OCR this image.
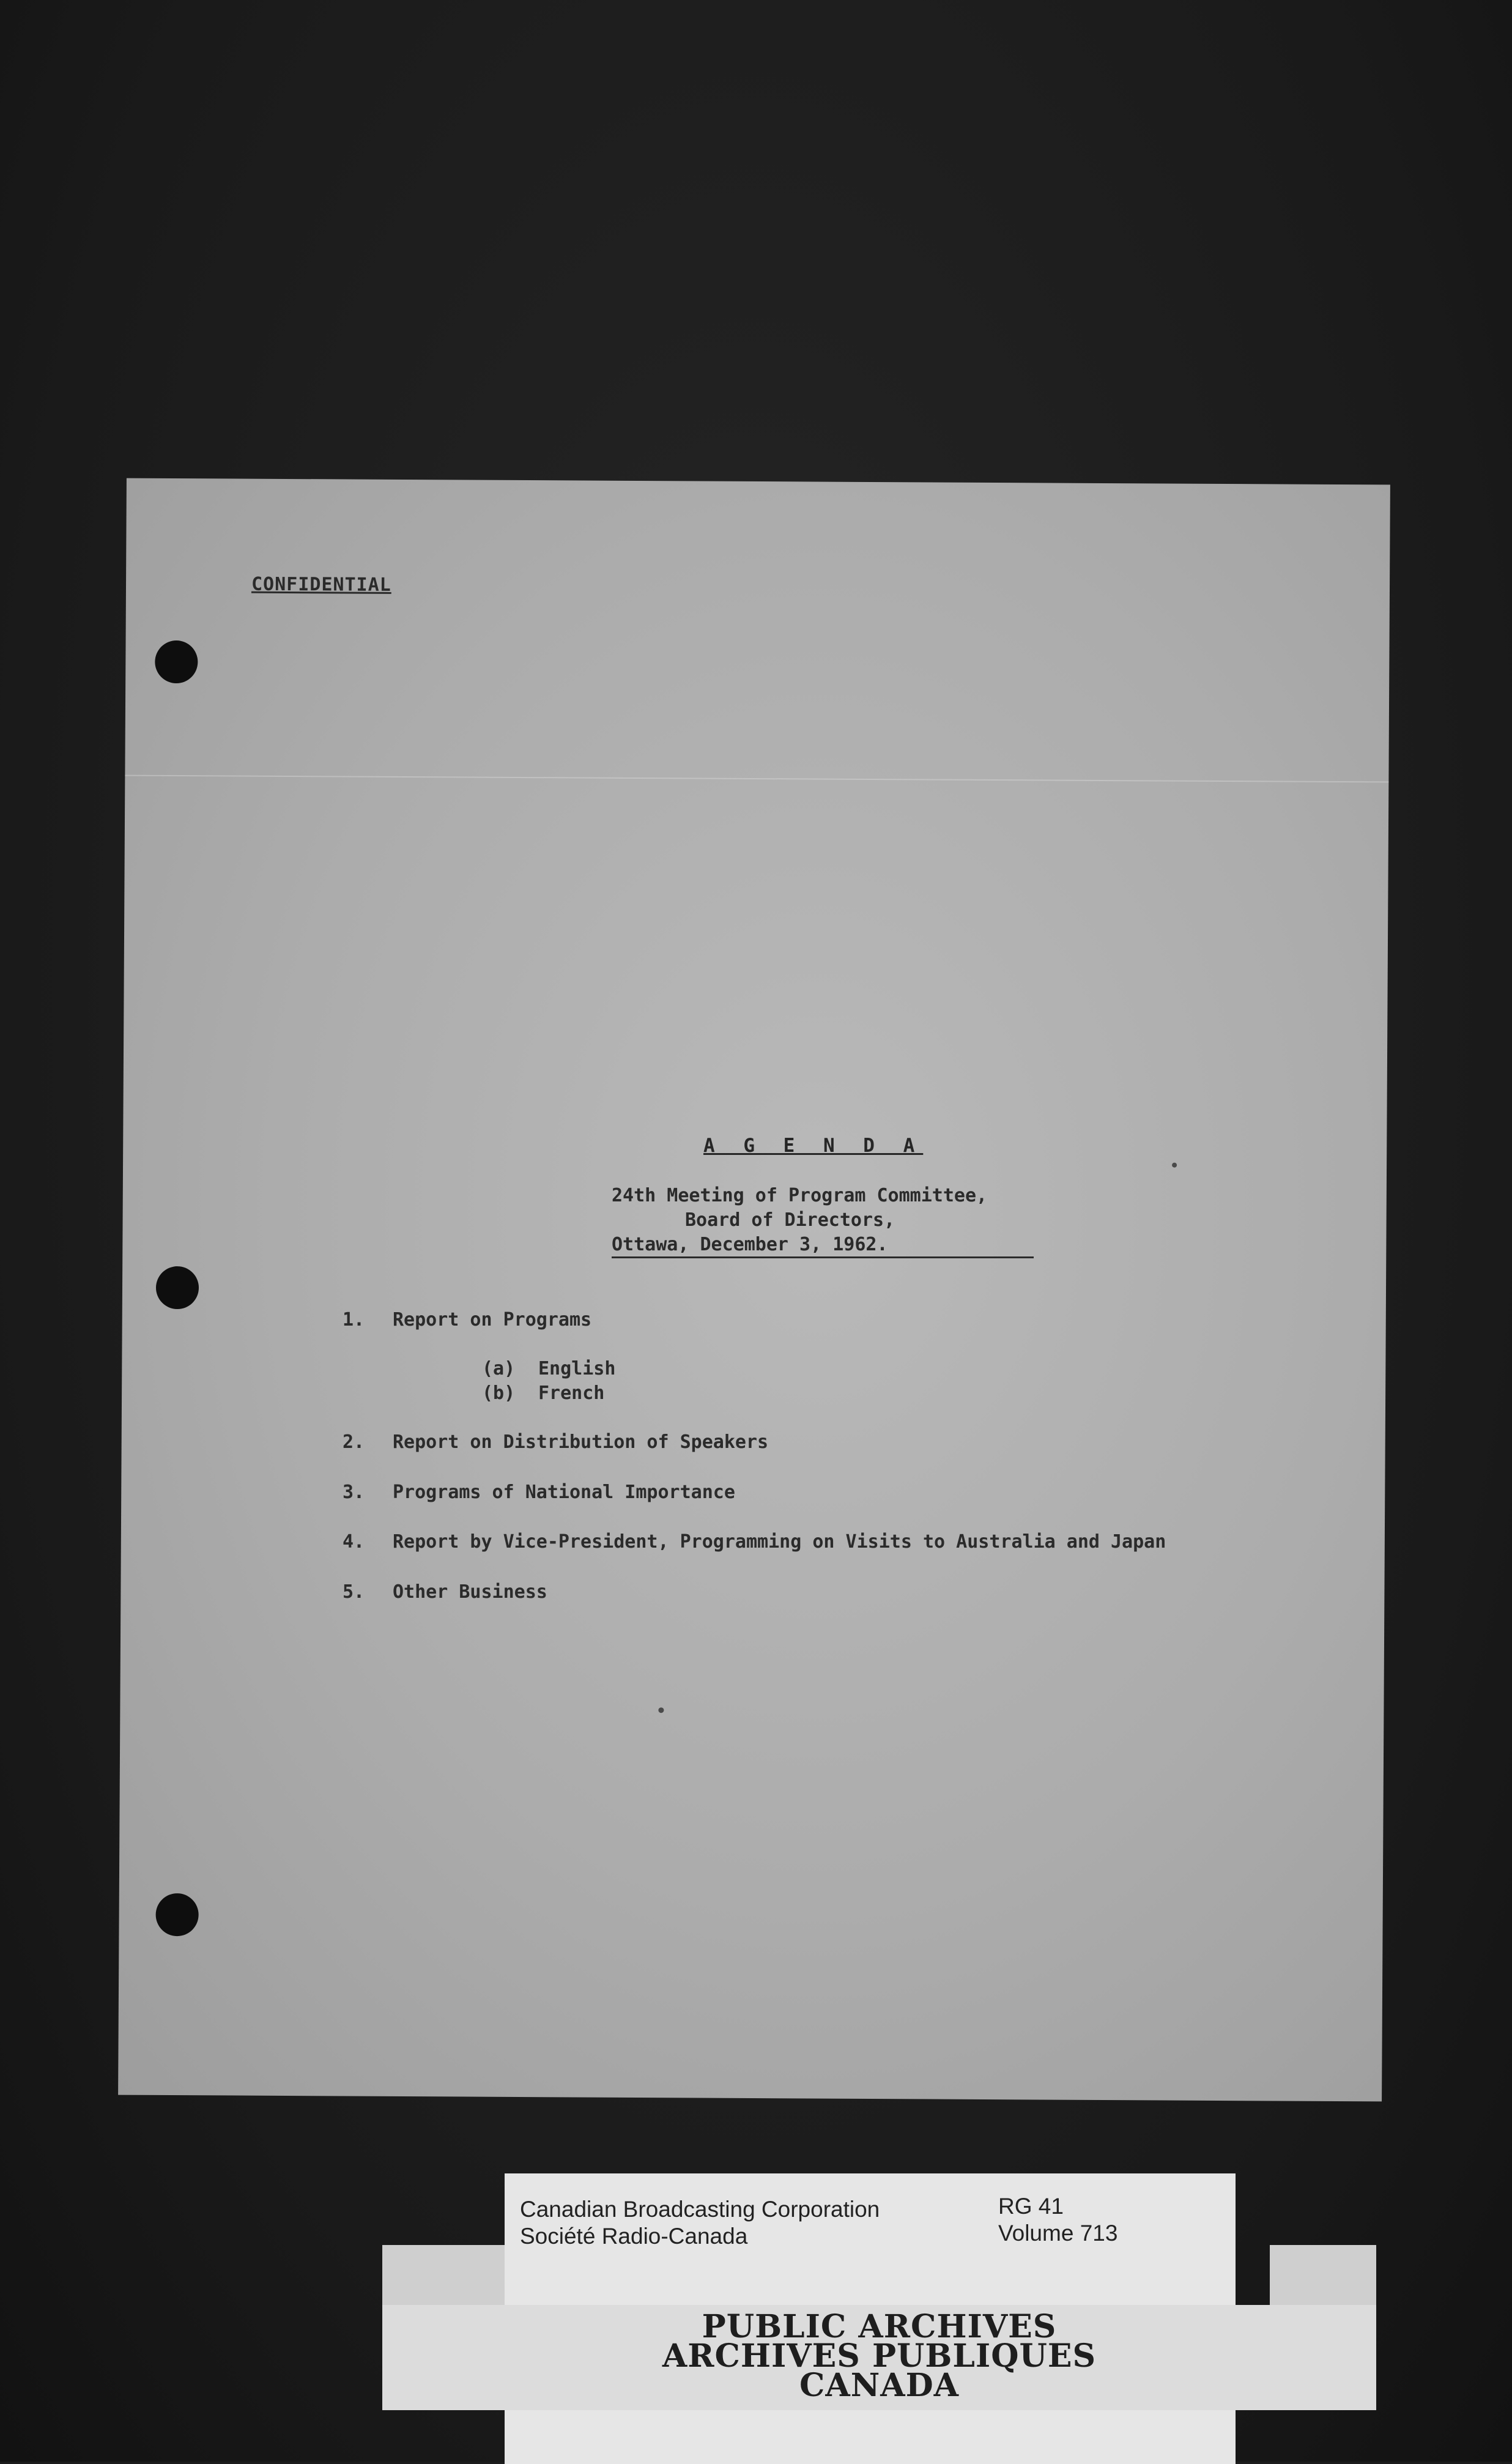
CONFIDENTIAL
A G E N D A
24th Meeting of Program Committee,
Board of Directors,
Ottawa, December 3, 1962.
1. Report on Programs
(a) English
(b) French
2. Report on Distribution of Speakers
3. Programs of National Importance
4. Report by Vice-President, Programming on Visits to Australia and Japan
5. Other Business
Canadian Broadcasting Corporation
Société Radio-Canada
RG 41
Volume 713
PUBLIC ARCHIVES
ARCHIVES PUBLIQUES
CANADA
